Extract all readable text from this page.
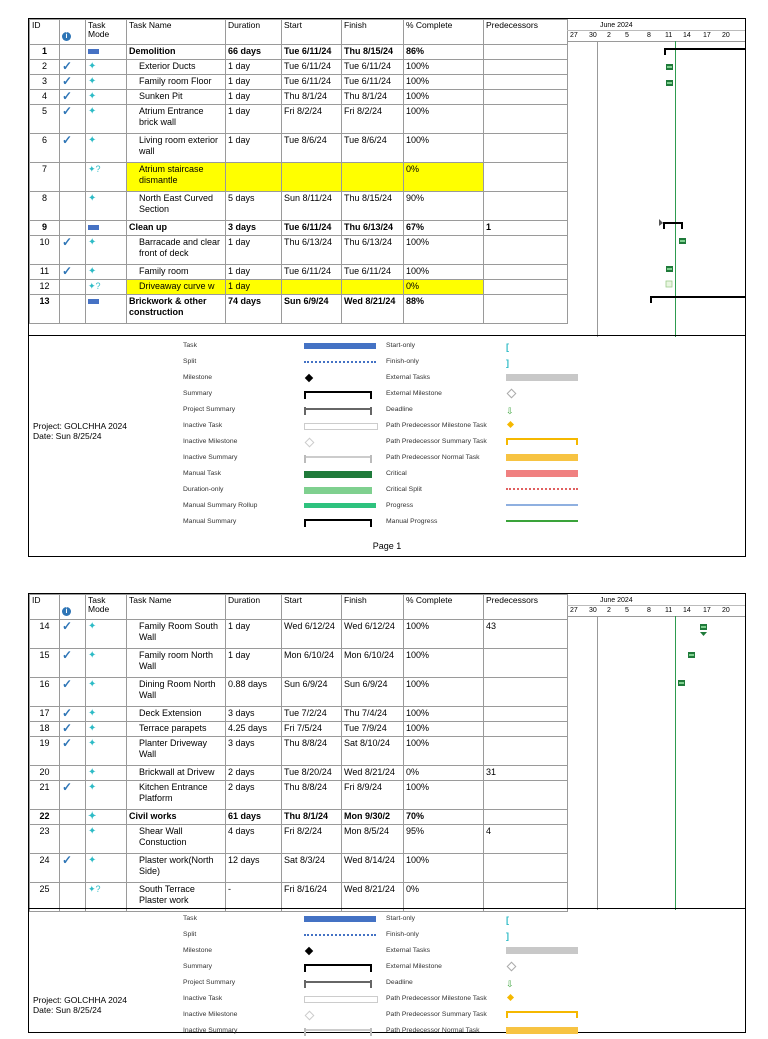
ID	i	Task Mode	Task Name	Duration	Start	Finish	% Complete	Predecessors
1			Demolition	66 days	Tue 6/11/24	Thu 8/15/24	86%	
2	✓	✦	Exterior Ducts	1 day	Tue 6/11/24	Tue 6/11/24	100%	
3	✓	✦	Family room Floor	1 day	Tue 6/11/24	Tue 6/11/24	100%	
4	✓	✦	Sunken Pit	1 day	Thu 8/1/24	Thu 8/1/24	100%	
5	✓	✦	Atrium Entrance brick wall	1 day	Fri 8/2/24	Fri 8/2/24	100%	
6	✓	✦	Living room exterior wall	1 day	Tue 8/6/24	Tue 8/6/24	100%	
7		✦?	Atrium staircase dismantle				0%	
8		✦	North East Curved Section	5 days	Sun 8/11/24	Thu 8/15/24	90%	
9			Clean up	3 days	Tue 6/11/24	Thu 6/13/24	67%	1
10	✓	✦	Barracade and clear front of deck	1 day	Thu 6/13/24	Thu 6/13/24	100%	
11	✓	✦	Family room	1 day	Tue 6/11/24	Tue 6/11/24	100%	
12		✦?	Driveaway curve w	1 day			0%	
13			Brickwork & other construction	74 days	Sun 6/9/24	Wed 8/21/24	88%	
June 2024
27 30 2 5	8 11 14 17 20
Project: GOLCHHA 2024
Date: Sun 8/25/24
Task	Start-only	[
Split	Finish-only	]
Milestone	External Tasks
Summary	External Milestone
Project Summary	Deadline	⇩
Inactive Task	Path Predecessor Milestone Task
Inactive Milestone	Path Predecessor Summary Task
Inactive Summary	Path Predecessor Normal Task
Manual Task	Critical
Duration-only	Critical Split
Manual Summary Rollup	Progress
Manual Summary	Manual Progress
Page 1
ID	i	Task Mode	Task Name	Duration	Start	Finish	% Complete	Predecessors
14	✓	✦	Family Room South Wall	1 day	Wed 6/12/24	Wed 6/12/24	100%	43
15	✓	✦	Family room North Wall	1 day	Mon 6/10/24	Mon 6/10/24	100%	
16	✓	✦	Dining Room North Wall	0.88 days	Sun 6/9/24	Sun 6/9/24	100%	
17	✓	✦	Deck Extension	3 days	Tue 7/2/24	Thu 7/4/24	100%	
18	✓	✦	Terrace parapets	4.25 days	Fri 7/5/24	Tue 7/9/24	100%	
19	✓	✦	Planter Driveway Wall	3 days	Thu 8/8/24	Sat 8/10/24	100%	
20		✦	Brickwall at Drivew	2 days	Tue 8/20/24	Wed 8/21/24	0%	31
21	✓	✦	Kitchen Entrance Platform	2 days	Thu 8/8/24	Fri 8/9/24	100%	
22		✦	Civil works	61 days	Thu 8/1/24	Mon 9/30/2	70%	
23		✦	Shear Wall Constuction	4 days	Fri 8/2/24	Mon 8/5/24	95%	4
24	✓	✦	Plaster work(North Side)	12 days	Sat 8/3/24	Wed 8/14/24	100%	
25		✦?	South Terrace Plaster work	-	Fri 8/16/24	Wed 8/21/24	0%	
June 2024
27 30 2 5	8 11 14 17 20
Project: GOLCHHA 2024
Date: Sun 8/25/24
Task	Start-only	[
Split	Finish-only	]
Milestone	External Tasks
Summary	External Milestone
Project Summary	Deadline	⇩
Inactive Task	Path Predecessor Milestone Task
Inactive Milestone	Path Predecessor Summary Task
Inactive Summary	Path Predecessor Normal Task
